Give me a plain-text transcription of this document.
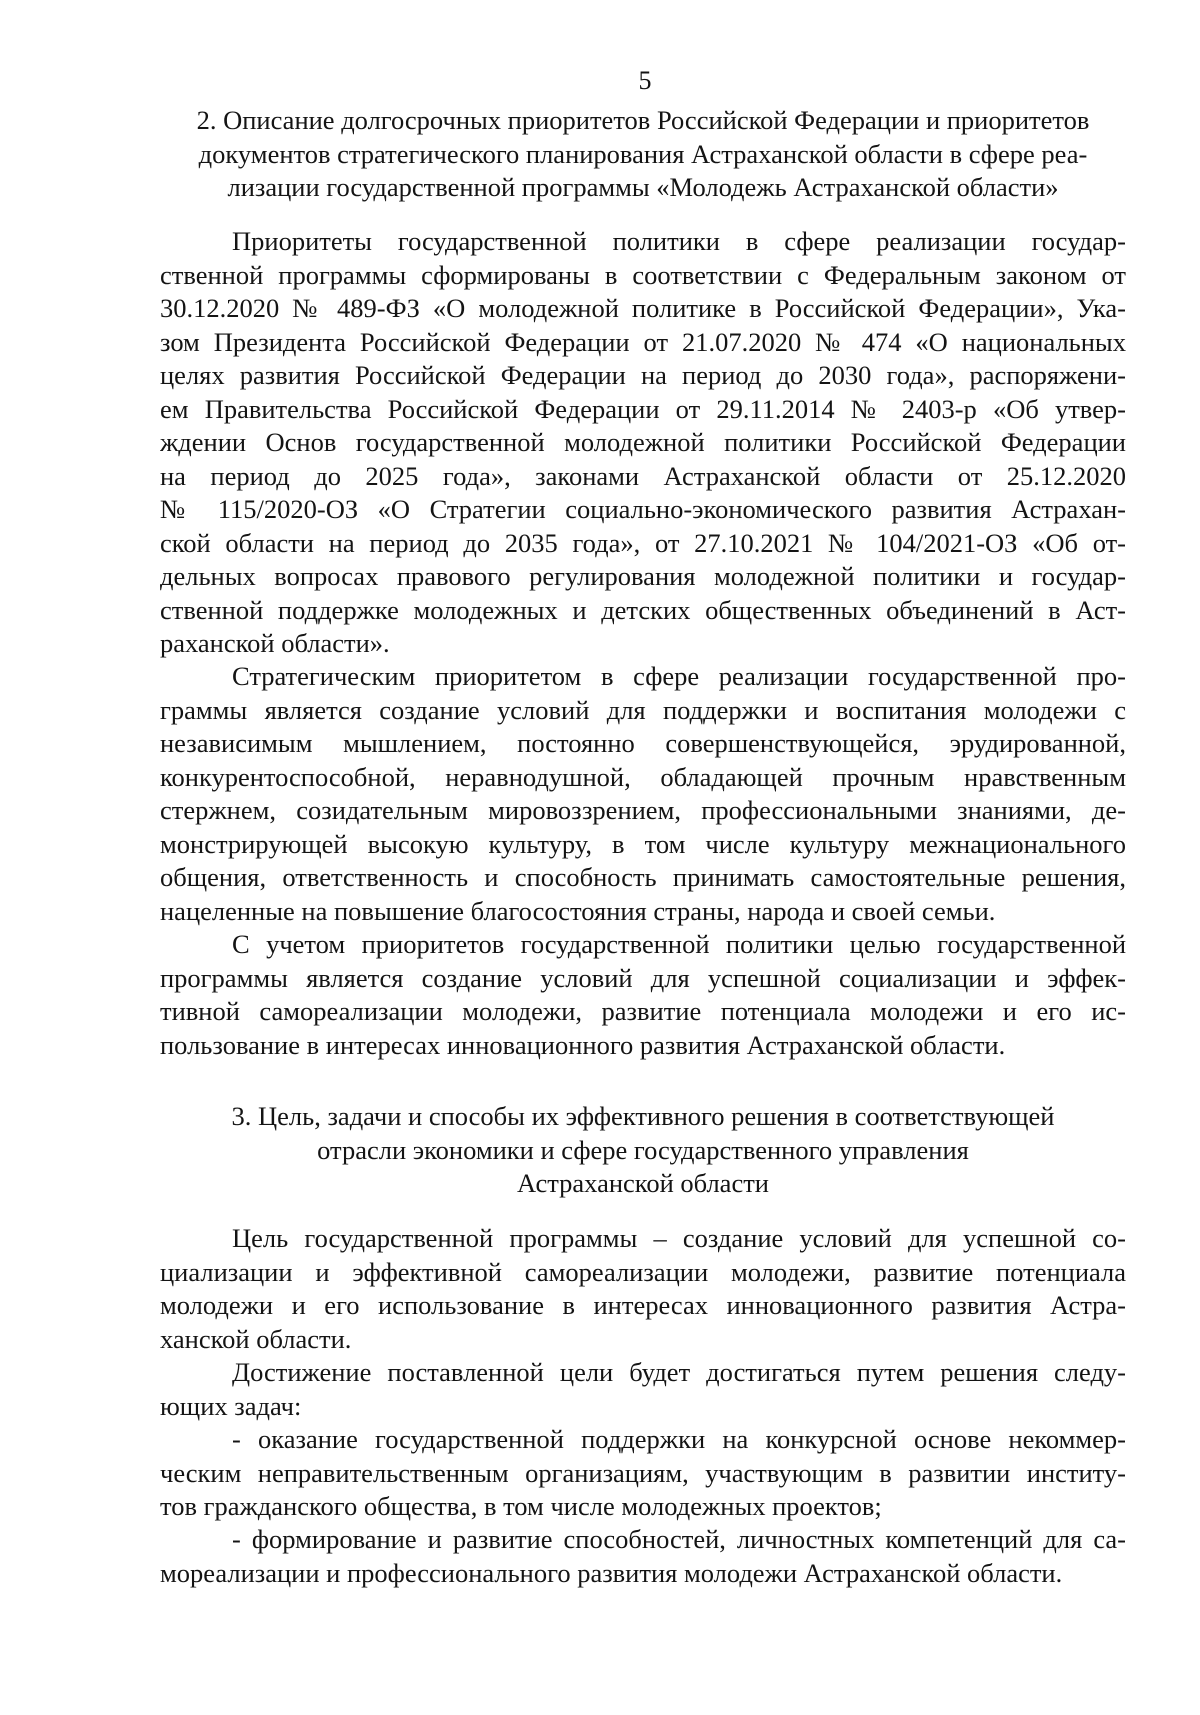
5
2. Описание долгосрочных приоритетов Российской Федерации и приоритетов
документов стратегического планирования Астраханской области в сфере реа-
лизации государственной программы «Молодежь Астраханской области»
Приоритеты государственной политики в сфере реализации государ-
ственной программы сформированы в соответствии с Федеральным законом от
30.12.2020 № 489-ФЗ «О молодежной политике в Российской Федерации», Ука-
зом Президента Российской Федерации от 21.07.2020 № 474 «О национальных
целях развития Российской Федерации на период до 2030 года», распоряжени-
ем Правительства Российской Федерации от 29.11.2014 № 2403-р «Об утвер-
ждении Основ государственной молодежной политики Российской Федерации
на период до 2025 года», законами Астраханской области от 25.12.2020
№ 115/2020-ОЗ «О Стратегии социально-экономического развития Астрахан-
ской области на период до 2035 года», от 27.10.2021 № 104/2021-ОЗ «Об от-
дельных вопросах правового регулирования молодежной политики и государ-
ственной поддержке молодежных и детских общественных объединений в Аст-
раханской области».
Стратегическим приоритетом в сфере реализации государственной про-
граммы является создание условий для поддержки и воспитания молодежи с
независимым мышлением, постоянно совершенствующейся, эрудированной,
конкурентоспособной, неравнодушной, обладающей прочным нравственным
стержнем, созидательным мировоззрением, профессиональными знаниями, де-
монстрирующей высокую культуру, в том числе культуру межнационального
общения, ответственность и способность принимать самостоятельные решения,
нацеленные на повышение благосостояния страны, народа и своей семьи.
С учетом приоритетов государственной политики целью государственной
программы является создание условий для успешной социализации и эффек-
тивной самореализации молодежи, развитие потенциала молодежи и его ис-
пользование в интересах инновационного развития Астраханской области.
3. Цель, задачи и способы их эффективного решения в соответствующей
отрасли экономики и сфере государственного управления
Астраханской области
Цель государственной программы – создание условий для успешной со-
циализации и эффективной самореализации молодежи, развитие потенциала
молодежи и его использование в интересах инновационного развития Астра-
ханской области.
Достижение поставленной цели будет достигаться путем решения следу-
ющих задач:
- оказание государственной поддержки на конкурсной основе некоммер-
ческим неправительственным организациям, участвующим в развитии институ-
тов гражданского общества, в том числе молодежных проектов;
- формирование и развитие способностей, личностных компетенций для са-
мореализации и профессионального развития молодежи Астраханской области.
